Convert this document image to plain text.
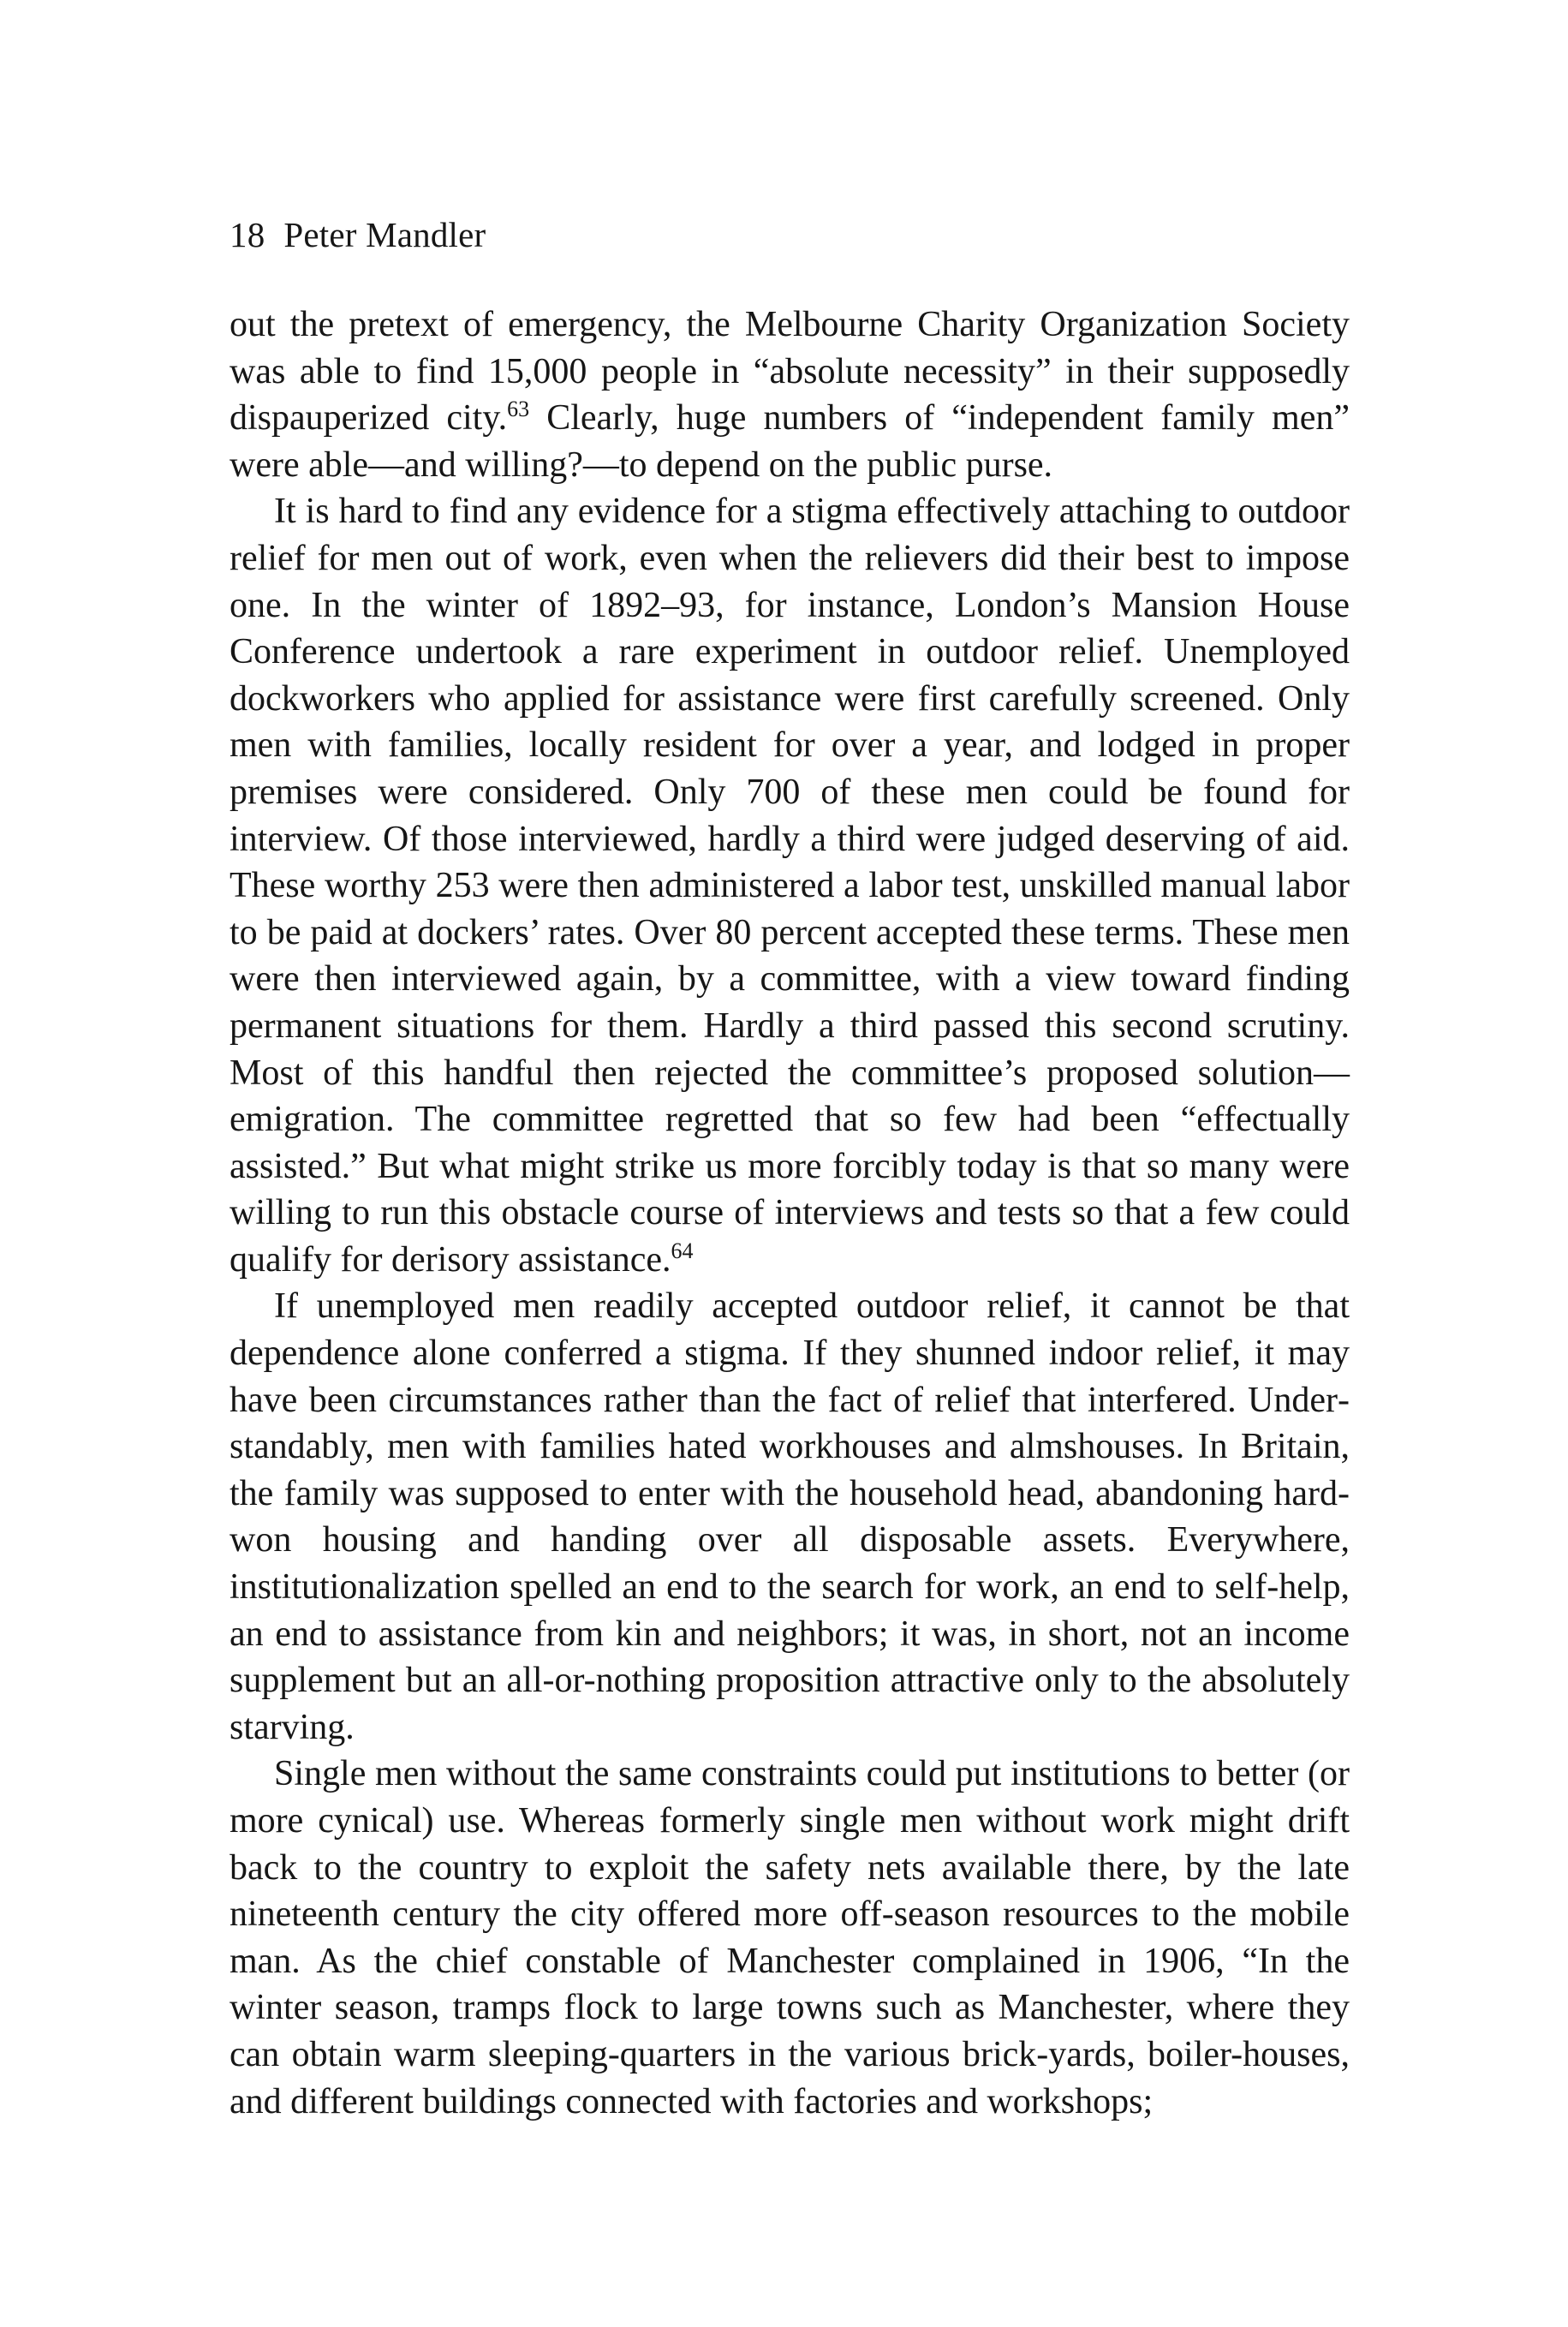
18 Peter Mandler

out the pretext of emergency, the Melbourne Charity Organization Society was able to find 15,000 people in “absolute necessity” in their supposedly dispauperized city.$^{63}$ Clearly, huge numbers of “independent family men” were able—and willing?—to depend on the public purse.

It is hard to find any evidence for a stigma effectively attaching to outdoor relief for men out of work, even when the relievers did their best to impose one. In the winter of 1892–93, for instance, London’s Mansion House Conference undertook a rare experiment in outdoor relief. Unemployed dockworkers who applied for assistance were first carefully screened. Only men with families, locally resident for over a year, and lodged in proper premises were considered. Only 700 of these men could be found for interview. Of those interviewed, hardly a third were judged deserving of aid. These worthy 253 were then administered a labor test, unskilled manual labor to be paid at dockers’ rates. Over 80 percent accepted these terms. These men were then interviewed again, by a committee, with a view toward finding permanent situations for them. Hardly a third passed this second scrutiny. Most of this handful then rejected the committee’s proposed solution—emigration. The committee regretted that so few had been “effectually assisted.” But what might strike us more forcibly today is that so many were willing to run this obstacle course of interviews and tests so that a few could qualify for derisory assistance.$^{64}$

If unemployed men readily accepted outdoor relief, it cannot be that dependence alone conferred a stigma. If they shunned indoor relief, it may have been circumstances rather than the fact of relief that interfered. Understandably, men with families hated workhouses and almshouses. In Britain, the family was supposed to enter with the household head, abandoning hard-won housing and handing over all disposable assets. Everywhere, institutionalization spelled an end to the search for work, an end to self-help, an end to assistance from kin and neighbors; it was, in short, not an income supplement but an all-or-nothing proposition attractive only to the absolutely starving.

Single men without the same constraints could put institutions to better (or more cynical) use. Whereas formerly single men without work might drift back to the country to exploit the safety nets available there, by the late nineteenth century the city offered more off-season resources to the mobile man. As the chief constable of Manchester complained in 1906, “In the winter season, tramps flock to large towns such as Manchester, where they can obtain warm sleeping-quarters in the various brick-yards, boiler-houses, and different buildings connected with factories and workshops;
